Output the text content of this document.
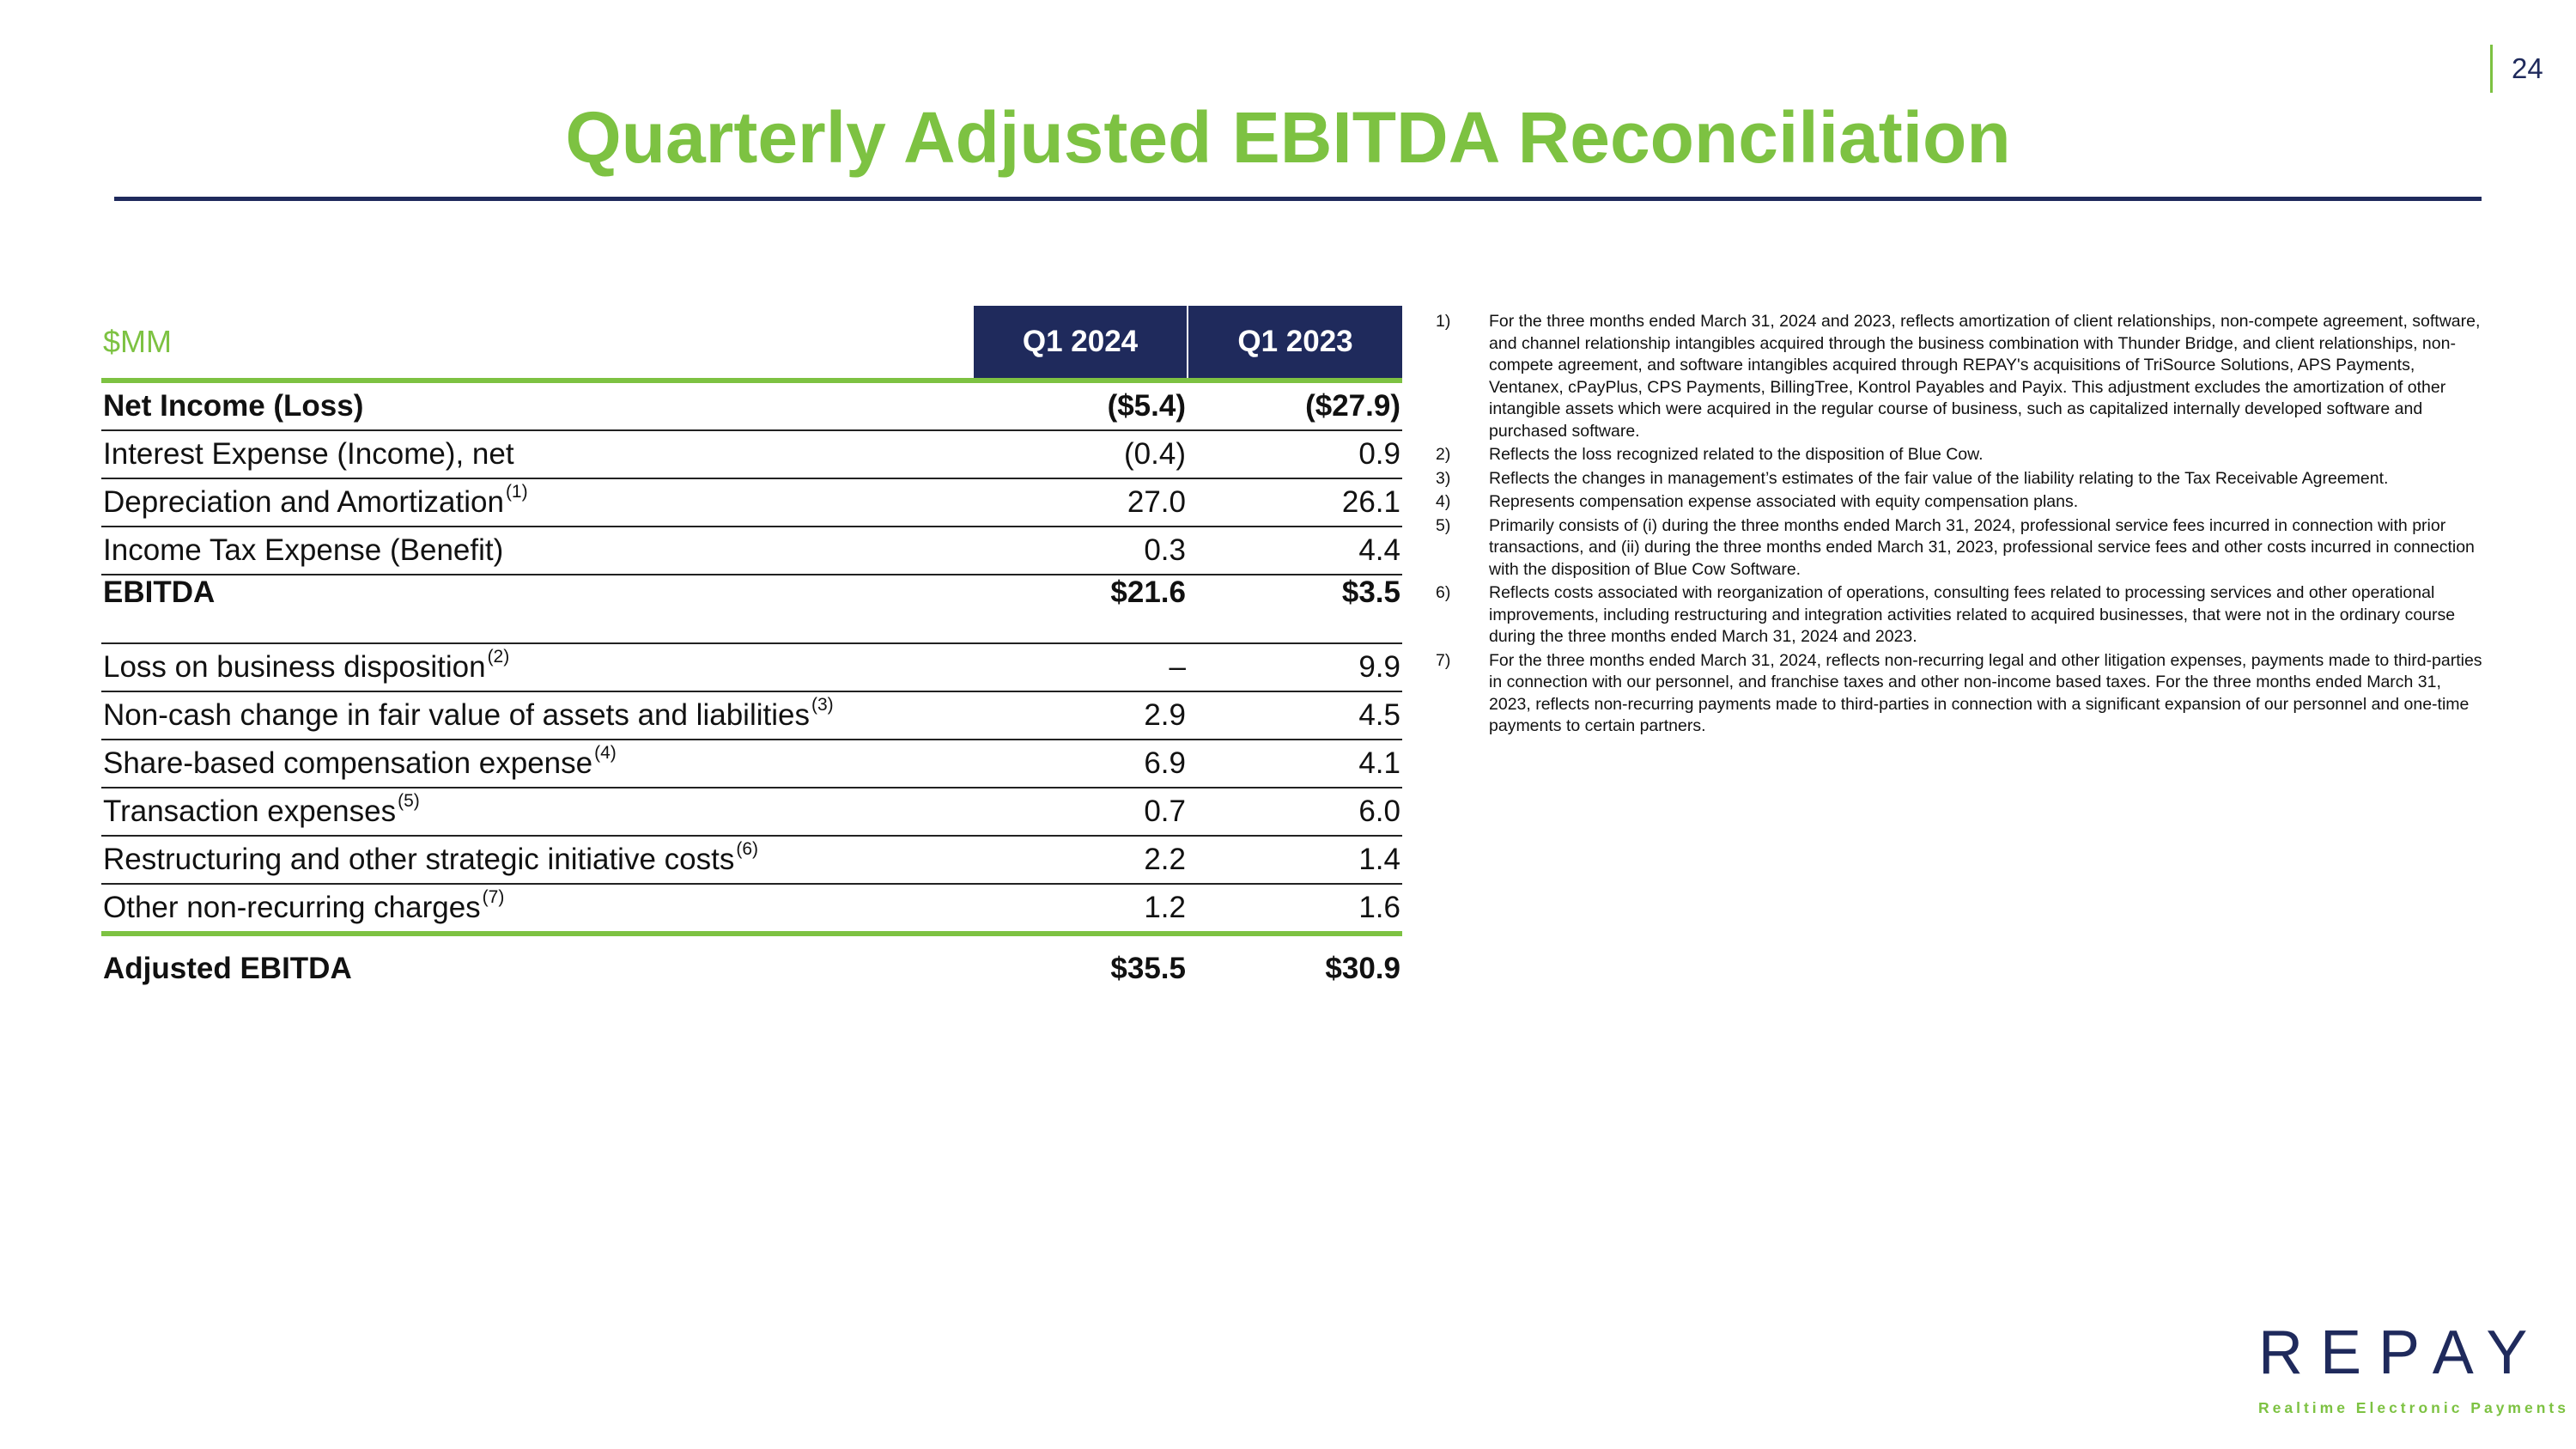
24
Quarterly Adjusted EBITDA Reconciliation
$MM	Q1 2024	Q1 2023
Net Income (Loss)	($5.4)	($27.9)
Interest Expense (Income), net	(0.4)	0.9
Depreciation and Amortization$^{(1)}$	27.0	26.1
Income Tax Expense (Benefit)	0.3	4.4
EBITDA	$21.6	$3.5

Loss on business disposition$^{(2)}$	–	9.9
Non-cash change in fair value of assets and liabilities$^{(3)}$	2.9	4.5
Share-based compensation expense$^{(4)}$	6.9	4.1
Transaction expenses$^{(5)}$	0.7	6.0
Restructuring and other strategic initiative costs$^{(6)}$	2.2	1.4
Other non-recurring charges$^{(7)}$	1.2	1.6
Adjusted EBITDA	$35.5	$30.9
1)	For the three months ended March 31, 2024 and 2023, reflects amortization of client relationships, non-compete agreement, software, and channel relationship intangibles acquired through the business combination with Thunder Bridge, and client relationships, non-compete agreement, and software intangibles acquired through REPAY's acquisitions of TriSource Solutions, APS Payments, Ventanex, cPayPlus, CPS Payments, BillingTree, Kontrol Payables and Payix. This adjustment excludes the amortization of other intangible assets which were acquired in the regular course of business, such as capitalized internally developed software and purchased software.
2)	Reflects the loss recognized related to the disposition of Blue Cow.
3)	Reflects the changes in management’s estimates of the fair value of the liability relating to the Tax Receivable Agreement.
4)	Represents compensation expense associated with equity compensation plans.
5)	Primarily consists of (i) during the three months ended March 31, 2024, professional service fees incurred in connection with prior transactions, and (ii) during the three months ended March 31, 2023, professional service fees and other costs incurred in connection with the disposition of Blue Cow Software.
6)	Reflects costs associated with reorganization of operations, consulting fees related to processing services and other operational improvements, including restructuring and integration activities related to acquired businesses, that were not in the ordinary course during the three months ended March 31, 2024 and 2023.
7)	For the three months ended March 31, 2024, reflects non-recurring legal and other litigation expenses, payments made to third-parties in connection with our personnel, and franchise taxes and other non-income based taxes. For the three months ended March 31, 2023, reflects non-recurring payments made to third-parties in connection with a significant expansion of our personnel and one-time payments to certain partners.
REPAY
Realtime Electronic Payments
